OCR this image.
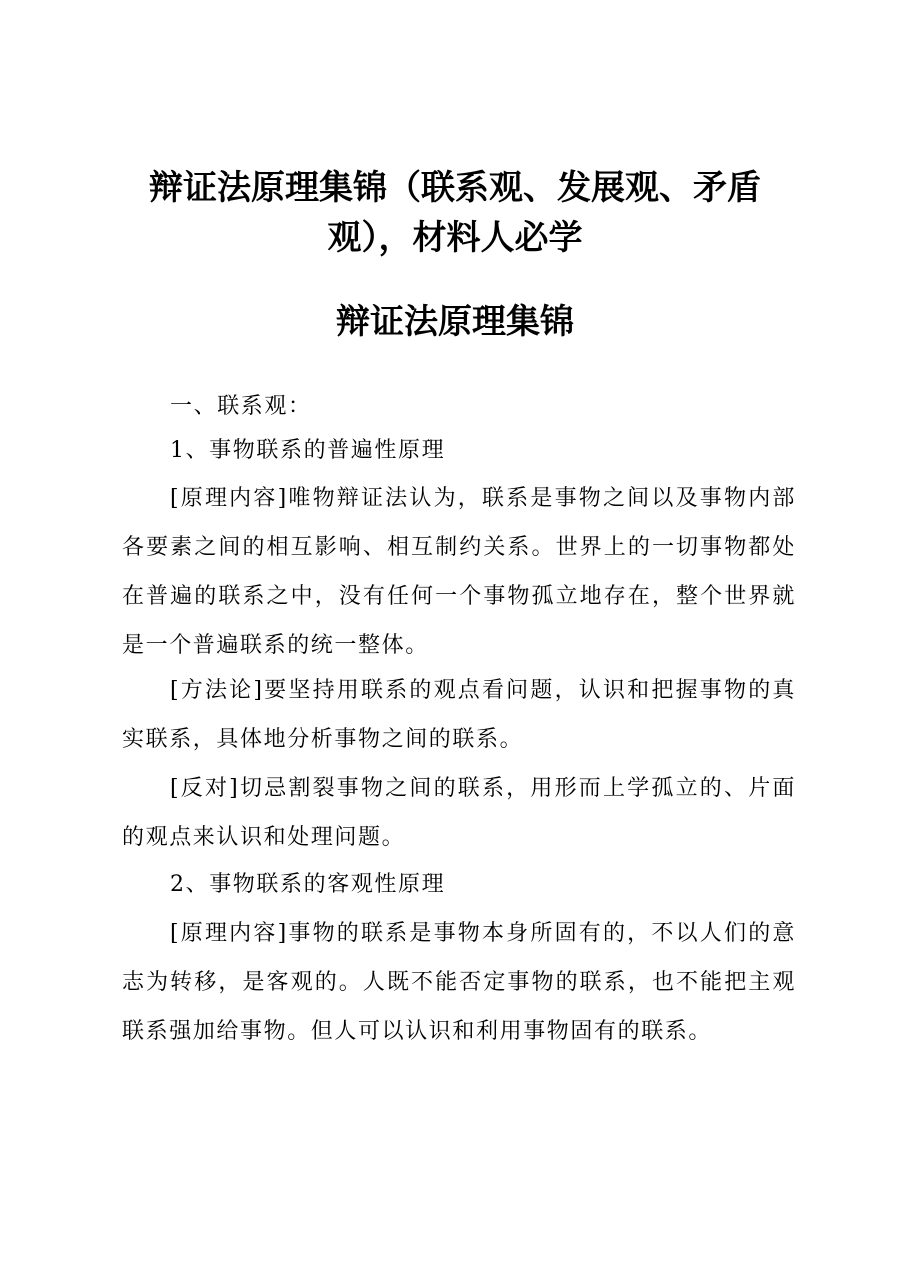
辩证法原理集锦（联系观、发展观、矛盾观），材料人必学
辩证法原理集锦

一、联系观：

1、事物联系的普遍性原理

[原理内容]唯物辩证法认为，联系是事物之间以及事物内部各要素之间的相互影响、相互制约关系。世界上的一切事物都处在普遍的联系之中，没有任何一个事物孤立地存在，整个世界就是一个普遍联系的统一整体。

[方法论]要坚持用联系的观点看问题，认识和把握事物的真实联系，具体地分析事物之间的联系。

[反对]切忌割裂事物之间的联系，用形而上学孤立的、片面的观点来认识和处理问题。

2、事物联系的客观性原理

[原理内容]事物的联系是事物本身所固有的，不以人们的意志为转移，是客观的。人既不能否定事物的联系，也不能把主观联系强加给事物。但人可以认识和利用事物固有的联系。
